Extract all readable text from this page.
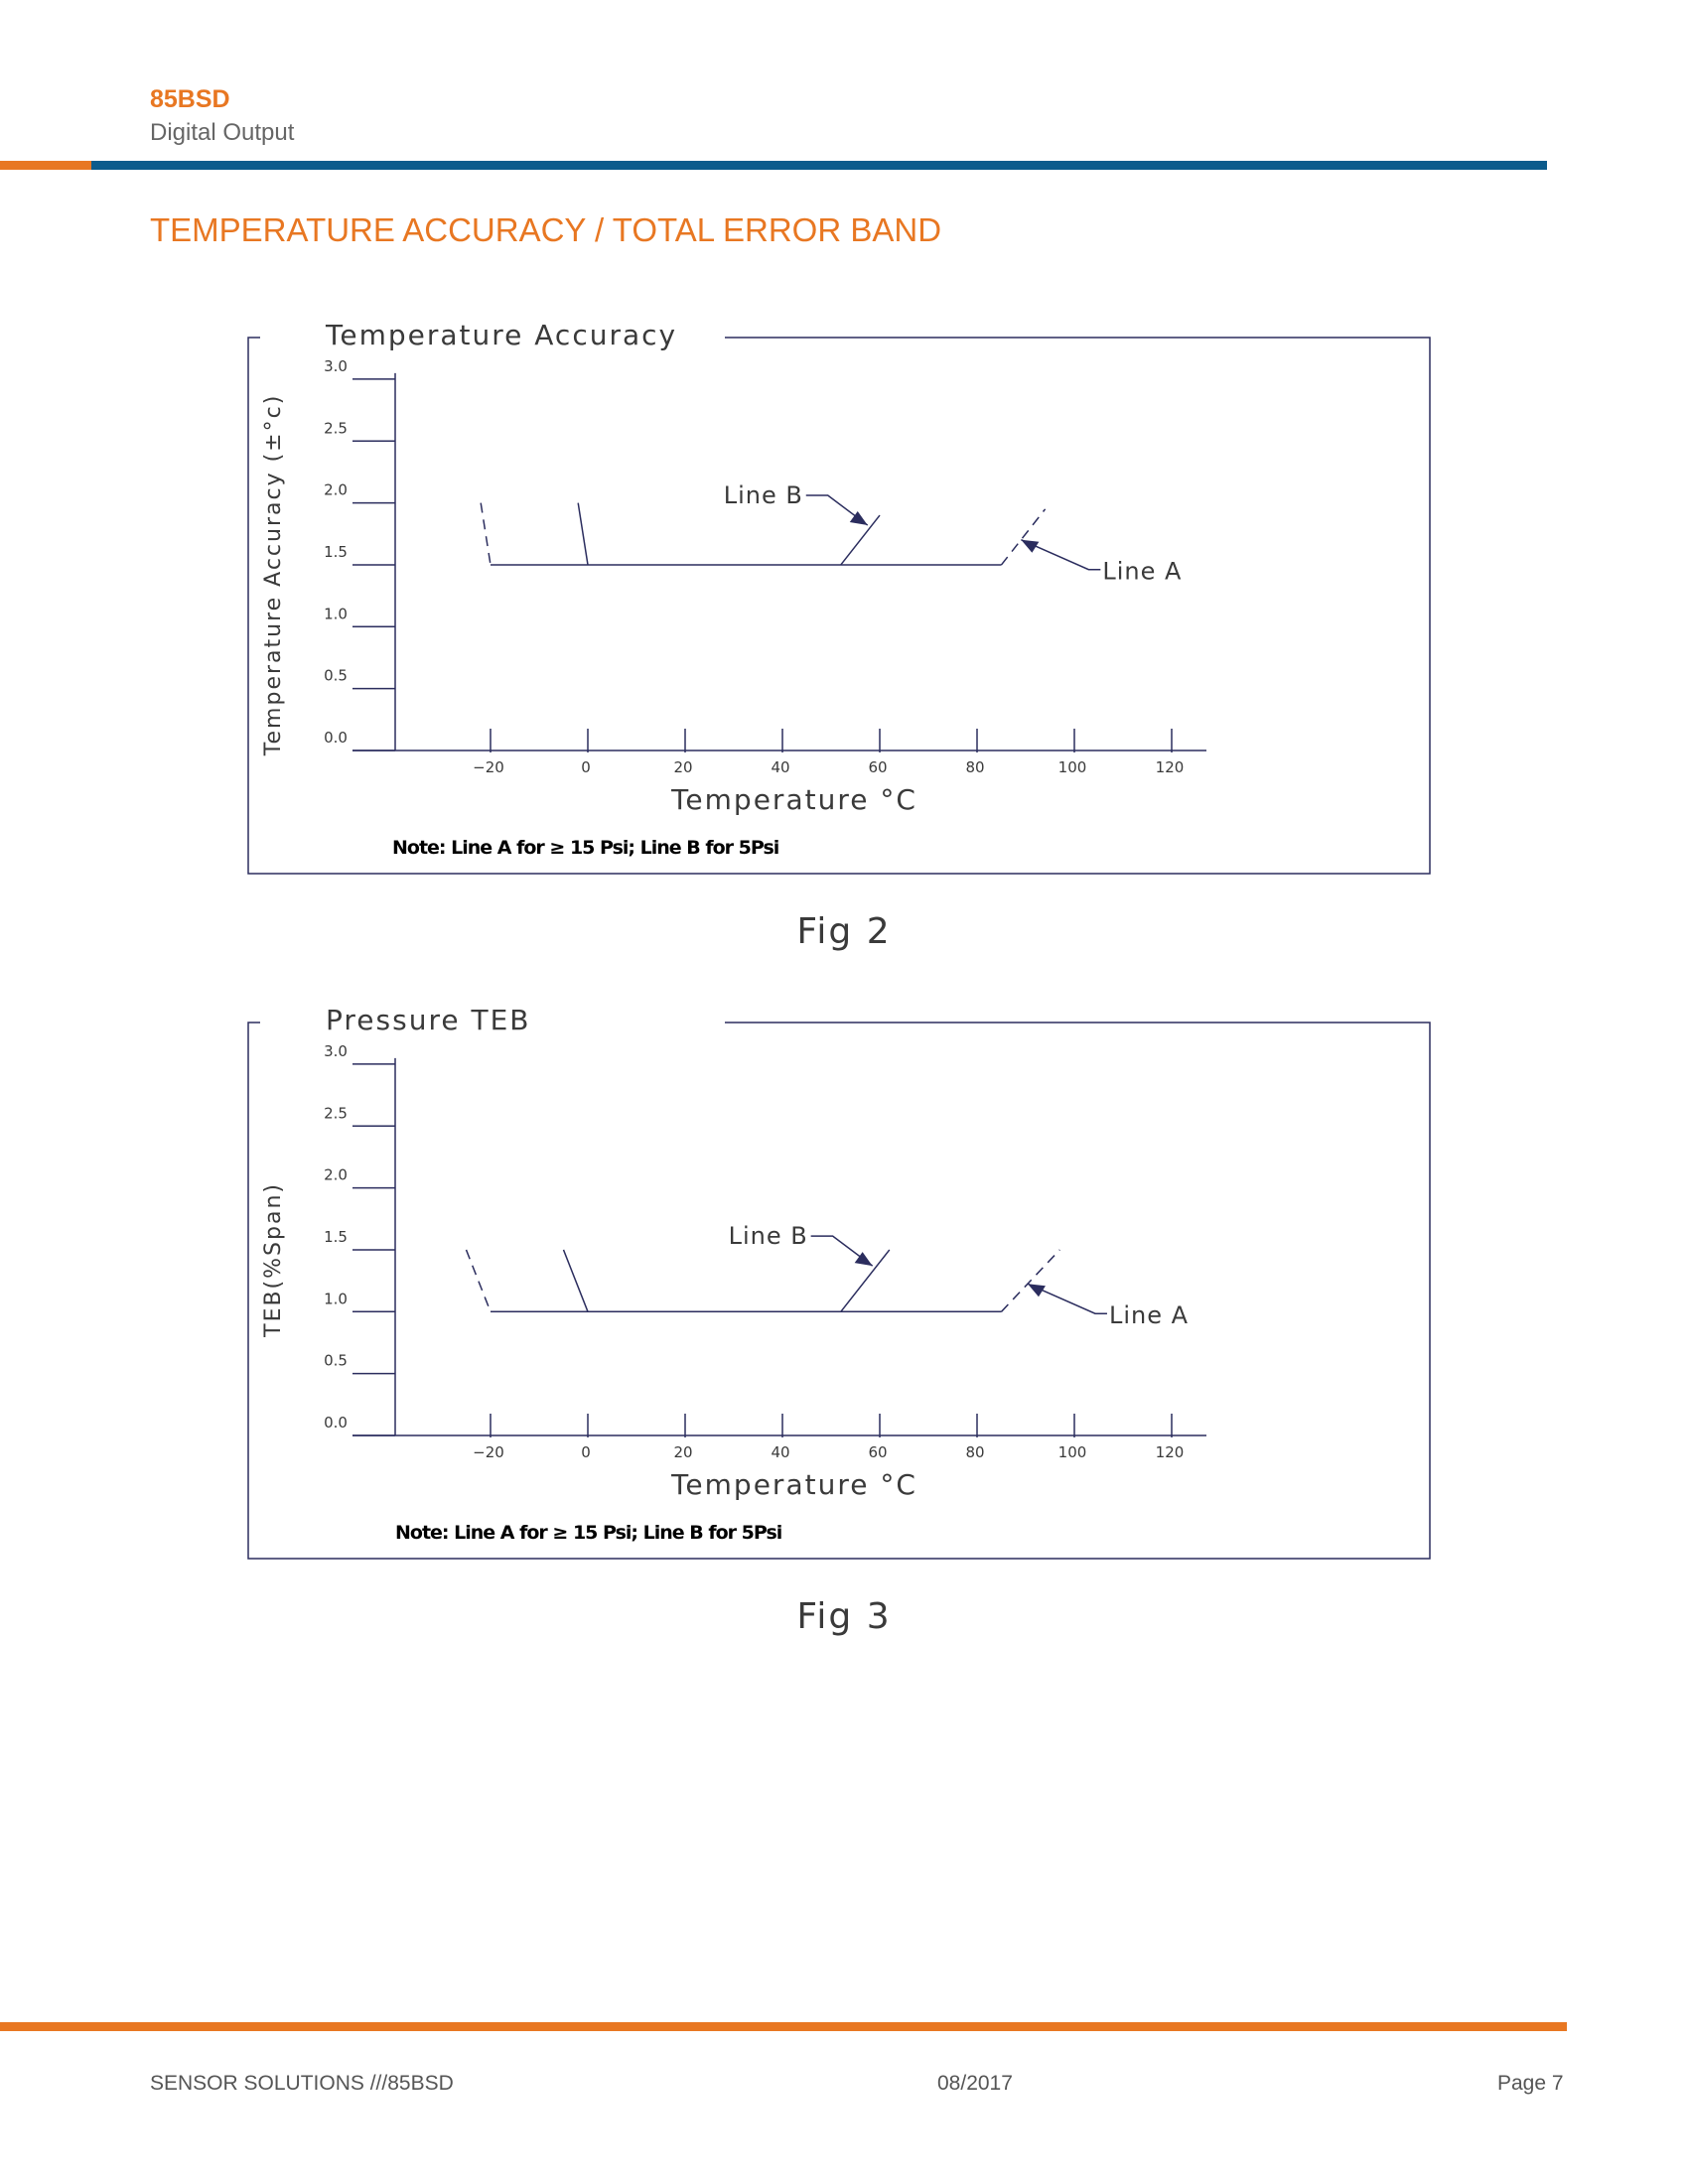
85BSD
Digital Output
TEMPERATURE ACCURACY / TOTAL ERROR BAND
Temperature Accuracy
0.0
0.5
1.0
1.5
2.0
2.5
3.0
−20	0	20	40	60	80	100	120
Temperature °C
Temperature Accuracy (±°c)	Line B
Line A
Note: Line A for ≥ 15 Psi; Line B for 5Psi
Fig 2
Pressure TEB
0.0
0.5
1.0
1.5
2.0
2.5
3.0
−20	0	20	40	60	80	100	120
Temperature °C
TEB(%Span)	Line B
Line A
Note: Line A for ≥ 15 Psi; Line B for 5Psi
Fig 3
SENSOR SOLUTIONS ///85BSD	08/2017	Page 7
